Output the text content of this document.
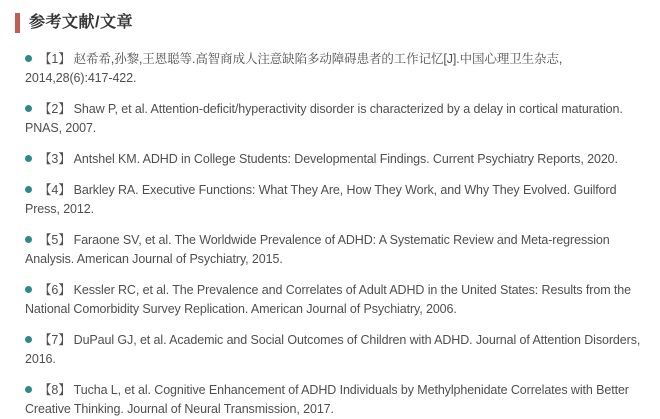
参考文献/文章
【1】 赵希希,孙黎,王恩聪等.高智商成人注意缺陷多动障碍患者的工作记忆[J].中国心理卫生杂志, 2014,28(6):417-422.
【2】 Shaw P, et al. Attention-deficit/hyperactivity disorder is characterized by a delay in cortical maturation. PNAS, 2007.
【3】 Antshel KM. ADHD in College Students: Developmental Findings. Current Psychiatry Reports, 2020.
【4】 Barkley RA. Executive Functions: What They Are, How They Work, and Why They Evolved. Guilford Press, 2012.
【5】 Faraone SV, et al. The Worldwide Prevalence of ADHD: A Systematic Review and Meta-regression Analysis. American Journal of Psychiatry, 2015.
【6】 Kessler RC, et al. The Prevalence and Correlates of Adult ADHD in the United States: Results from the National Comorbidity Survey Replication. American Journal of Psychiatry, 2006.
【7】 DuPaul GJ, et al. Academic and Social Outcomes of Children with ADHD. Journal of Attention Disorders, 2016.
【8】 Tucha L, et al. Cognitive Enhancement of ADHD Individuals by Methylphenidate Correlates with Better Creative Thinking. Journal of Neural Transmission, 2017.
